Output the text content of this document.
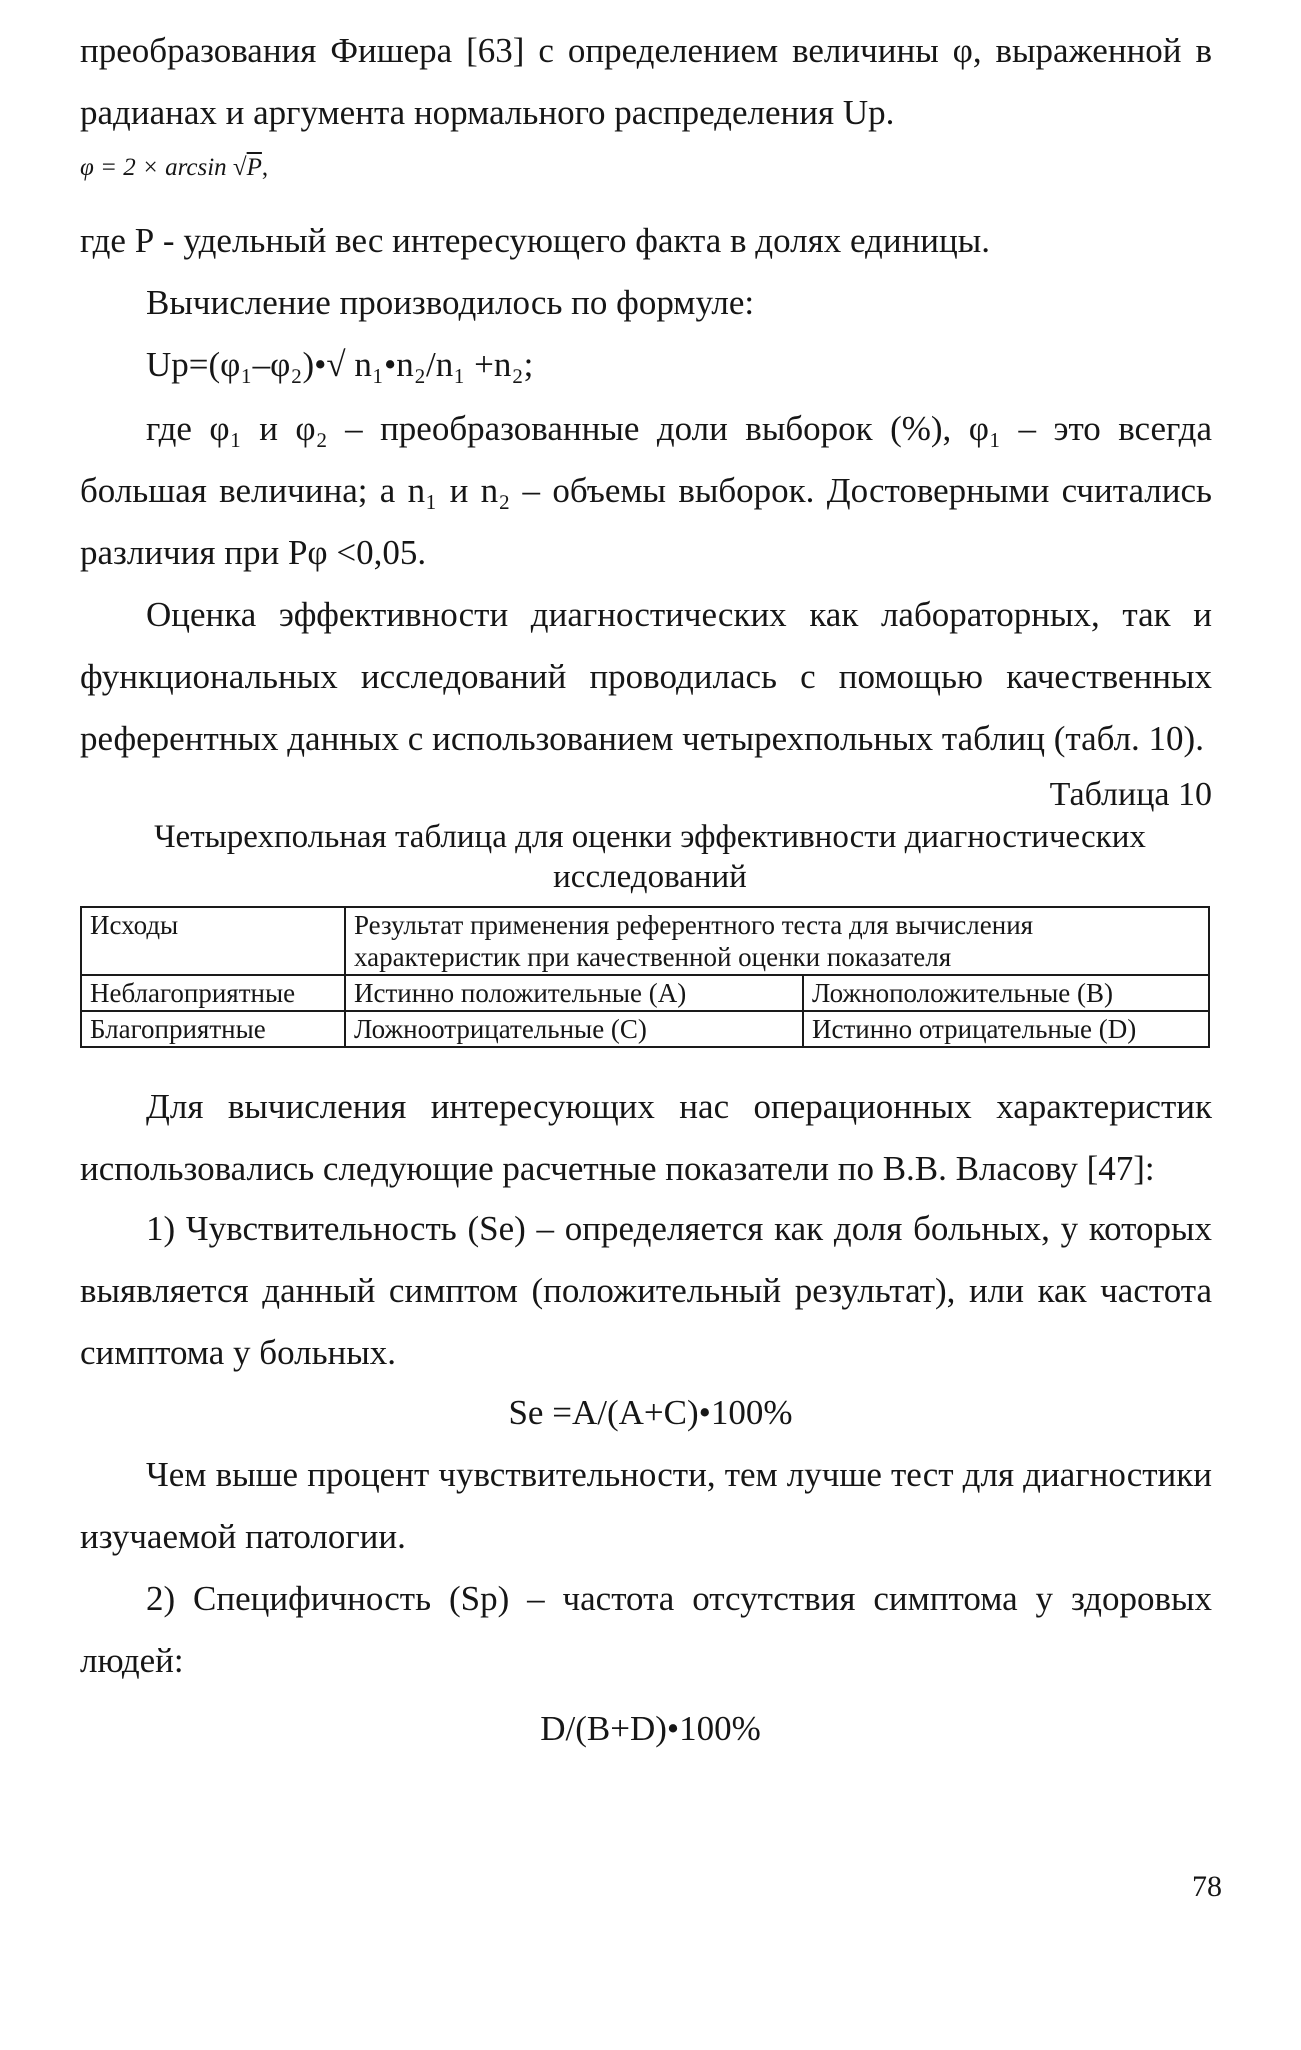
преобразования Фишера [63] с определением величины φ, выраженной в
радианах и аргумента нормального распределения Up.
φ = 2 × arcsin √P,
где Р - удельный вес интересующего факта в долях единицы.
Вычисление производилось по формуле:
Up=(φ₁–φ₂)•√ n₁•n₂/n₁ +n₂;
где φ₁ и φ₂ – преобразованные доли выборок (%), φ₁ – это всегда
большая величина; а n₁ и n₂ – объемы выборок. Достоверными считались
различия при Рφ <0,05.
Оценка эффективности диагностических как лабораторных, так и
функциональных исследований проводилась с помощью качественных
референтных данных с использованием четырехпольных таблиц (табл. 10).
Таблица 10
Четырехпольная таблица для оценки эффективности диагностических
исследований
Исходы	Результат применения референтного теста для вычисления характеристик при качественной оценки показателя	
Неблагоприятные	Истинно положительные (А)	Ложноположительные (В)
Благоприятные	Ложноотрицательные (С)	Истинно отрицательные (D)
Для вычисления интересующих нас операционных характеристик
использовались следующие расчетные показатели по В.В. Власову [47]:
1) Чувствительность (Se) – определяется как доля больных, у которых
выявляется данный симптом (положительный результат), или как частота
симптома у больных.
Se =A/(A+C)•100%
Чем выше процент чувствительности, тем лучше тест для диагностики
изучаемой патологии.
2) Специфичность (Sp) – частота отсутствия симптома у здоровых
людей:
D/(B+D)•100%
78
